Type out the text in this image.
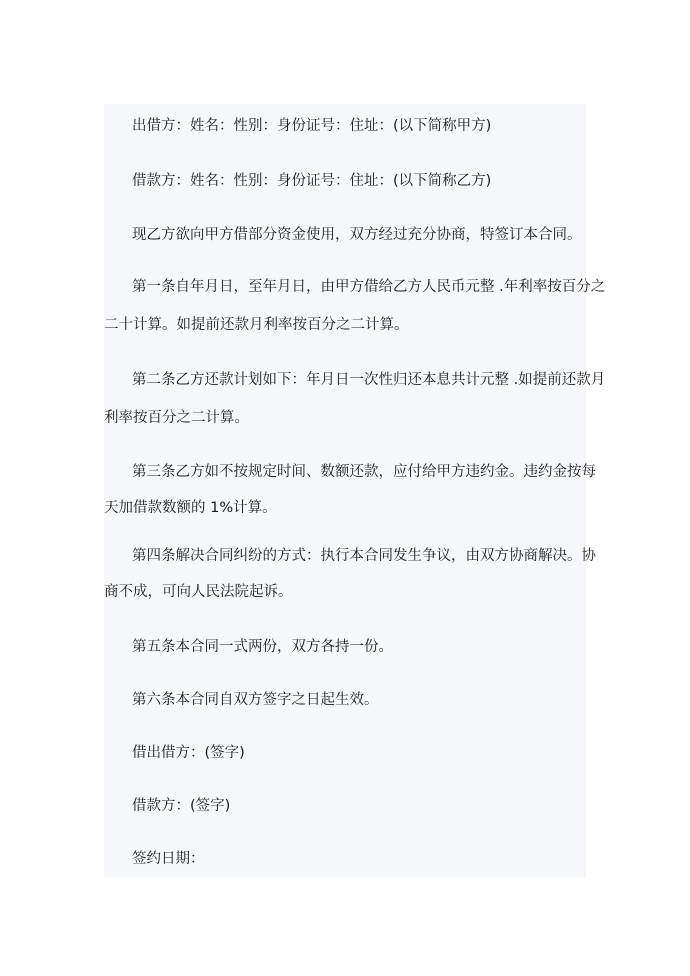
出借方：姓名：性别：身份证号：住址：(以下简称甲方)
借款方：姓名：性别：身份证号：住址：(以下简称乙方)
现乙方欲向甲方借部分资金使用，双方经过充分协商，特签订本合同。
第一条自年月日，至年月日，由甲方借给乙方人民币元整 .年利率按百分之
二十计算。如提前还款月利率按百分之二计算。
第二条乙方还款计划如下：年月日一次性归还本息共计元整 .如提前还款月
利率按百分之二计算。
第三条乙方如不按规定时间、数额还款，应付给甲方违约金。违约金按每
天加借款数额的 1%计算。
第四条解决合同纠纷的方式：执行本合同发生争议，由双方协商解决。协
商不成，可向人民法院起诉。
第五条本合同一式两份，双方各持一份。
第六条本合同自双方签字之日起生效。
借出借方：(签字)
借款方：(签字)
签约日期：
